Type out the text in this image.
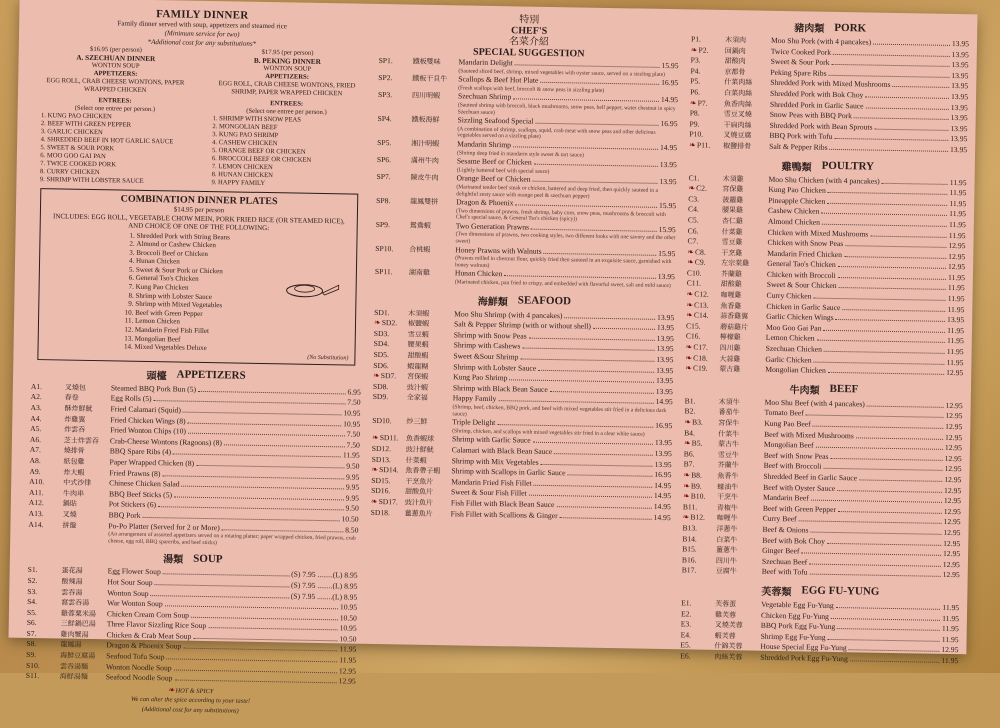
FAMILY DINNER
Family dinner served with soup, appetizers and steamed rice
(Minimum service for two)
*Additional cost for any substitutions*
$16.95 (per person)
A. SZECHUAN DINNER
WONTON SOUP
APPETIZERS:
EGG ROLL, CRAB CHEESE WONTONS, PAPER WRAPPED CHICKEN
ENTREES:
(Select one entree per person.)
1. KUNG PAO CHICKEN
2. BEEF WITH GREEN PEPPER
3. GARLIC CHICKEN
4. SHREDDED BEEF IN HOT GARLIC SAUCE
5. SWEET & SOUR PORK
6. MOO GOO GAI PAN
7. TWICE COOKED PORK
8. CURRY CHICKEN
9. SHRIMP WITH LOBSTER SAUCE
$17.95 (per person)
B. PEKING DINNER
WONTON SOUP
APPETIZERS:
EGG ROLL, CRAB CHEESE WONTONS, FRIED SHRIMP, PAPER WRAPPED CHICKEN
ENTREES:
(Select one entree per person.)
1. SHRIMP WITH SNOW PEAS
2. MONGOLIAN BEEF
3. KUNG PAO SHRIMP
4. CASHEW CHICKEN
5. ORANGE BEEF OR CHICKEN
6. BROCCOLI BEEF OR CHICKEN
7. LEMON CHICKEN
8. HUNAN CHICKEN
9. HAPPY FAMILY
COMBINATION DINNER PLATES
$14.95 per person
INCLUDES: EGG ROLL, VEGETABLE CHOW MEIN, PORK FRIED RICE (OR STEAMED RICE), AND CHOICE OF ONE OF THE FOLLOWING:
1. Shredded Pork with String Beans
2. Almond or Cashew Chicken
3. Broccoli Beef or Chicken
4. Hunan Chicken
5. Sweet & Sour Pork or Chicken
6. General Tso's Chicken
7. Kung Pao Chicken
8. Shrimp with Lobster Sauce
9. Shrimp with Mixed Vegetables
10. Beef with Green Pepper
11. Lemon Chicken
12. Mandarin Fried Fish Fillet
13. Mongolian Beef
14. Mixed Vegetables Deluxe
(No Substitution)
頭檯 APPETIZERS
A1.	叉燒包	Steamed BBQ Pork Bun (5)	6.95
A2.	春卷	Egg Rolls (5)	7.50
A3.	酥炸鮮魷	Fried Calamari (Squid)	10.95
A4.	炸雞翼	Fried Chicken Wings (8)	10.95
A5.	炸雲吞	Fried Wonton Chips (10)	7.50
A6.	芝士炸雲吞	Crab-Cheese Wontons (Ragoons) (8)	7.50
A7.	燒排骨	BBQ Spare Ribs (4)	11.95
A8.	紙包雞	Paper Wrapped Chicken (8)	9.50
A9.	炸大蝦	Fried Prawns (8)	9.95
A10.	中式沙律	Chinese Chicken Salad	9.95
A11.	牛肉串	BBQ Beef Sticks (5)	9.95
A12.	鍋貼	Pot Stickers (6)	9.50
A13.	叉燒	BBQ Pork	10.50
A14.	拼盤	Po-Po Platter (Served for 2 or More)	8.50
(An arrangement of assorted appetizers served on a rotating platter; paper wrapped chicken, fried prawns, crab cheese, egg roll, BBQ spareribs, and beef sticks)
湯類 SOUP
S1.	蛋花湯	Egg Flower Soup	(S) 7.95 ........(L) 8.95
S2.	酸辣湯	Hot Sour Soup	(S) 7.95 ........(L) 8.95
S3.	雲吞湯	Wonton Soup	(S) 7.95 ........(L) 8.95
S4.	窩雲吞湯	War Wonton Soup	10.95
S5.	雞蓉粟米湯	Chicken Cream Corn Soup	10.50
S6.	三鮮鍋巴湯	Three Flavor Sizzling Rice Soup	10.95
S7.	雞肉蟹湯	Chicken & Crab Meat Soup	10.50
S8.	龍鳳湯	Dragon & Phoenix Soup	11.95
S9.	海鮮豆腐湯	Seafood Tofu Soup	11.95
S10.	雲吞湯麵	Wonton Noodle Soup	12.95
S11.	海鮮湯麵	Seafood Noodle Soup	12.95
❧HOT & SPICY
We can alter the spice according to your taste!
(Additional cost for any substitutions)
特別
CHEF'S
名菜介紹
SPECIAL SUGGESTION
SP1.	鐵板雙味	Mandarin Delight	15.95
(Sauteed sliced beef, shrimp, mixed vegetables with oyster sauce, served on a sizzling plate)
SP2.	鐵板干貝牛	Scallops & Beef Hot Plate	16.95
(Fresh scallops with beef, broccoli & snow peas in sizzling plate)
SP3.	四川明蝦	Szechuan Shrimp	14.95
(Sauteed shrimp with broccoli, black mushrooms, snow peas, bell pepper, water chestnut in spicy Szechuan sauce)
SP4.	鐵板海鮮	Sizzling Seafood Special	16.95
(A combination of shrimp, scallops, squid, crab meat with snow peas and other delicious vegetables served on a sizzling plate)
SP5.	湘汁明蝦	Mandarin Shrimp	14.95
(Shrimp deep fried in mandarin style sweet & tart sauce)
SP6.	滿州牛肉	Sesame Beef or Chicken	13.95
(Lightly battered beef with special sauce)
SP7.	陳皮牛肉	Orange Beef or Chicken	13.95
(Marinated tender beef steak or chicken, battered and deep fried, then quickly sauteed in a delightful zesty sauce with orange peel & szechuan pepper)
SP8.	龍鳳雙拼	Dragon & Phoenix	15.95
(Two dimensions of prawns, fresh shrimp, baby corn, snow peas, mushrooms & broccoli with Chef's special sauce, & General Tso's chicken (spicy))
SP9.	鴛鴦蝦	Two Generation Prawns	15.95
(Two dimensions of prawns, two cooking styles, two different looks with one savory and the other sweet)
SP10.	合桃蝦	Honey Prawns with Walnuts	15.95
(Prawns milled in chestnut flour, quickly fried then sauteed in an exquisite sauce, garnished with honey walnuts)
SP11.	湖南雞	Hunan Chicken	13.95
(Marinated chicken, pan fried to crispy, and embedded with flavorful sweet, salt and mild sauce)
海鮮類 SEAFOOD
SD1.	木須蝦	Moo Shu Shrimp (with 4 pancakes)	13.95
❧SD2.	椒鹽蝦	Salt & Pepper Shrimp (with or without shell)	13.95
SD3.	雪豆蝦	Shrimp with Snow Peas	13.95
SD4.	腰果蝦	Shrimp with Cashews	13.95
SD5.	甜酸蝦	Sweet &Sour Shrimp	13.95
SD6.	蝦龍糊	Shrimp with Lobster Sauce	13.95
❧SD7.	宮保蝦	Kung Pao Shrimp	13.95
SD8.	豉汁蝦	Shrimp with Black Bean Sauce	13.95
SD9.	全家福	Happy Family	14.95
(Shrimp, beef, chicken, BBQ pork, and beef with mixed vegetables stir fried in a delicious dark sauce)
SD10.	炒三鮮	Triple Delight	16.95
(Shrimp, chicken, and scallops with mixed vegetables stir fried in a clear white sauce)
❧SD11.	魚香蝦球	Shrimp with Garlic Sauce	13.95
SD12.	豉汁鮮魷	Calamari with Black Bean Sauce	13.95
SD13.	什菜蝦	Shrimp with Mix Vegetables	13.95
❧SD14. 魚香帶子蝦	Shrimp with Scallops in Garlic Sauce	16.95
SD15.	干烹魚片	Mandarin Fried Fish Fillet	14.95
SD16.	甜酸魚片	Sweet & Sour Fish Fillet	14.95
❧SD17. 豉汁魚片	Fish Fillet with Black Bean Sauce	14.95
SD18.	薑蔥魚片	Fish Fillet with Scallions & Ginger	14.95
豬肉類 PORK
P1.	木須肉	Moo Shu Pork (with 4 pancakes)	13.95
❧P2.	回鍋肉	Twice Cooked Pork	13.95
P3.	甜酸肉	Sweet & Sour Pork	13.95
P4.	京都骨	Peking Spare Ribs	13.95
P5.	什菜肉絲	Shredded Pork with Mixed Mushrooms	13.95
P6.	白菜肉絲	Shredded Pork with Bok Choy	13.95
❧P7.	魚香肉絲	Shredded Pork in Garlic Sauce	13.95
P8.	雪豆叉燒	Snow Peas with BBQ Pork	13.95
P9.	干扁肉絲	Shredded Pork with Bean Sprouts	13.95
P10.	叉燒豆腐	BBQ Pork with Tofu	13.95
❧P11.	椒鹽排骨	Salt & Pepper Ribs	13.95
雞鴨類 POULTRY
C1.	木須雞	Moo Shu Chicken (with 4 pancakes)	11.95
❧C2.	宮保雞	Kung Pao Chicken	11.95
C3.	菠蘿雞	Pineapple Chicken	11.95
C4.	腰果雞	Cashew Chicken	11.95
C5.	杏仁雞	Almond Chicken	11.95
C6.	什菜雞	Chicken with Mixed Mushrooms	11.95
C7.	雪豆雞	Chicken with Snow Peas	12.95
❧C8.	干烹雞	Mandarin Fried Chicken	12.95
❧C9.	左宗棠雞	General Tao's Chicken	12.95
C10.	芥蘭雞	Chicken with Broccoli	11.95
C11.	甜酸雞	Sweet & Sour Chicken	11.95
❧C12.	咖喱雞	Curry Chicken	11.95
❧C13.	魚香雞	Chicken in Garlic Sauce	11.95
❧C14.	蒜香雞翼	Garlic Chicken Wings	13.95
C15.	蘑菇雞片	Moo Goo Gai Pan	11.95
C16.	檸檬雞	Lemon Chicken	11.95
❧C17.	四川雞	Szechuan Chicken	11.95
❧C18.	大蒜雞	Garlic Chicken	11.95
❧C19.	蒙古雞	Mongolian Chicken	12.95
牛肉類 BEEF
B1.	木須牛	Moo Shu Beef (with 4 pancakes)	12.95
B2.	番茄牛	Tomato Beef	12.95
❧B3.	宮保牛	Kung Pao Beef	12.95
B4.	什菜牛	Beef with Mixed Mushrooms	12.95
❧B5.	蒙古牛	Mongolian Beef	12.95
B6.	雪豆牛	Beef with Snow Peas	12.95
B7.	芥蘭牛	Beef with Broccoli	12.95
❧B8.	魚香牛	Shredded Beef in Garlic Sauce	12.95
❧B9.	蠔油牛	Beef with Oyster Sauce	12.95
❧B10.	干烹牛	Mandarin Beef	12.95
B11.	青椒牛	Beef with Green Pepper	12.95
❧B12.	咖喱牛	Curry Beef	12.95
B13.	洋蔥牛	Beef & Onions	12.95
B14.	白菜牛	Beef with Bok Choy	12.95
B15.	薑蔥牛	Ginger Beef	12.95
B16.	四川牛	Szechuan Beef	12.95
B17.	豆腐牛	Beef with Tofu	12.95
芙蓉類 EGG FU-YUNG
E1.	芙蓉蛋	Vegetable Egg Fu-Yung	11.95
E2.	雞芙蓉	Chicken Egg Fu-Yung	11.95
E3.	叉燒芙蓉	BBQ Pork Egg Fu-Yung	11.95
E4.	蝦芙蓉	Shrimp Egg Fu-Yung	11.95
E5.	什錦芙蓉	House Special Egg Fu-Yung	12.95
E6.	肉絲芙蓉	Shredded Pork Egg Fu-Yung	11.95
